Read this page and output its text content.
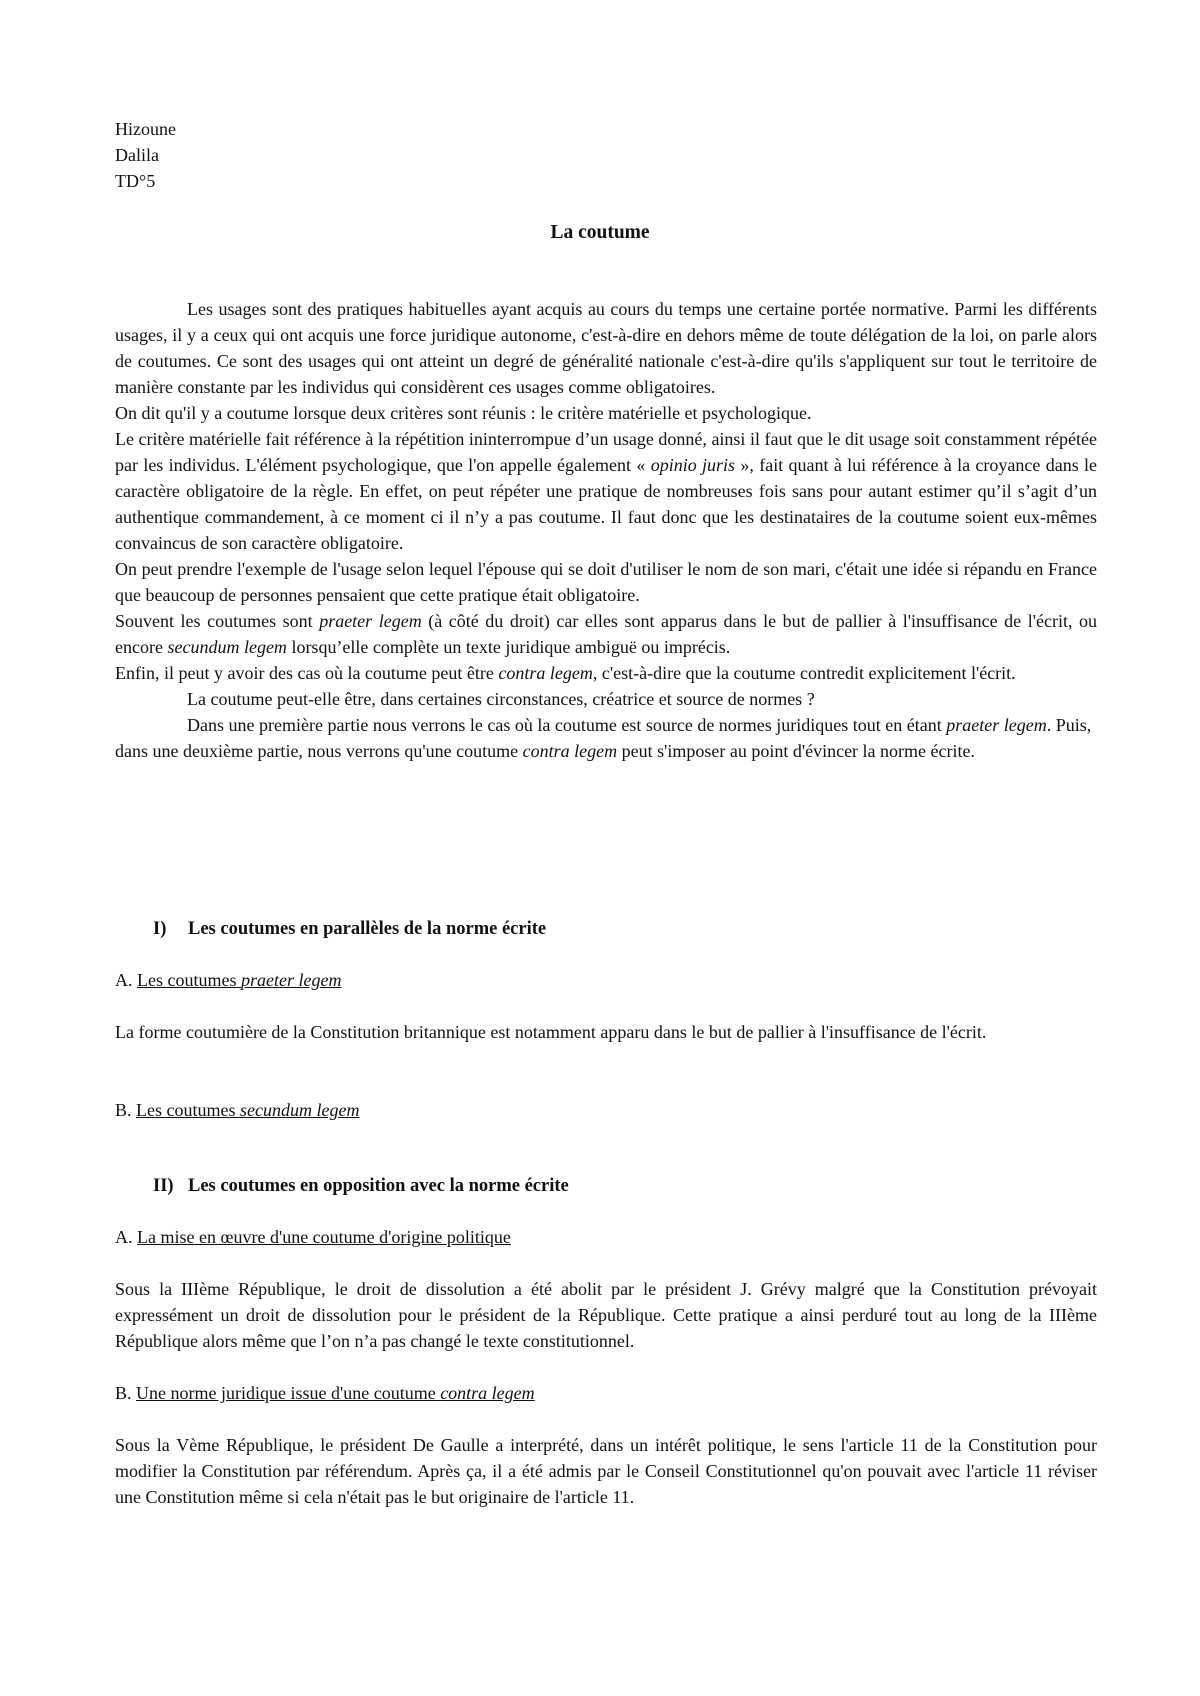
Hizoune
Dalila
TD°5
La coutume

Les usages sont des pratiques habituelles ayant acquis au cours du temps une certaine portée normative. Parmi les différents usages, il y a ceux qui ont acquis une force juridique autonome, c'est-à-dire en dehors même de toute délégation de la loi, on parle alors de coutumes. Ce sont des usages qui ont atteint un degré de généralité nationale c'est-à-dire qu'ils s'appliquent sur tout le territoire de manière constante par les individus qui considèrent ces usages comme obligatoires.

On dit qu'il y a coutume lorsque deux critères sont réunis : le critère matérielle et psychologique.

Le critère matérielle fait référence à la répétition ininterrompue d’un usage donné, ainsi il faut que le dit usage soit constamment répétée par les individus. L'élément psychologique, que l'on appelle également « opinio juris », fait quant à lui référence à la croyance dans le caractère obligatoire de la règle. En effet, on peut répéter une pratique de nombreuses fois sans pour autant estimer qu’il s’agit d’un authentique commandement, à ce moment ci il n’y a pas coutume. Il faut donc que les destinataires de la coutume soient eux-mêmes convaincus de son caractère obligatoire.

On peut prendre l'exemple de l'usage selon lequel l'épouse qui se doit d'utiliser le nom de son mari, c'était une idée si répandu en France que beaucoup de personnes pensaient que cette pratique était obligatoire.

Souvent les coutumes sont praeter legem (à côté du droit) car elles sont apparus dans le but de pallier à l'insuffisance de l'écrit, ou encore secundum legem lorsqu’elle complète un texte juridique ambiguë ou imprécis.

Enfin, il peut y avoir des cas où la coutume peut être contra legem, c'est-à-dire que la coutume contredit explicitement l'écrit.

La coutume peut-elle être, dans certaines circonstances, créatrice et source de normes ?

Dans une première partie nous verrons le cas où la coutume est source de normes juridiques tout en étant praeter legem. Puis, dans une deuxième partie, nous verrons qu'une coutume contra legem peut s'imposer au point d'évincer la norme écrite.

I) Les coutumes en parallèles de la norme écrite
A. Les coutumes praeter legem
La forme coutumière de la Constitution britannique est notamment apparu dans le but de pallier à l'insuffisance de l'écrit.
B. Les coutumes secundum legem
II) Les coutumes en opposition avec la norme écrite
A. La mise en œuvre d'une coutume d'origine politique
Sous la IIIème République, le droit de dissolution a été abolit par le président J. Grévy malgré que la Constitution prévoyait expressément un droit de dissolution pour le président de la République. Cette pratique a ainsi perduré tout au long de la IIIème République alors même que l’on n’a pas changé le texte constitutionnel.
B. Une norme juridique issue d'une coutume contra legem
Sous la Vème République, le président De Gaulle a interprété, dans un intérêt politique, le sens l'article 11 de la Constitution pour modifier la Constitution par référendum. Après ça, il a été admis par le Conseil Constitutionnel qu'on pouvait avec l'article 11 réviser une Constitution même si cela n'était pas le but originaire de l'article 11.
